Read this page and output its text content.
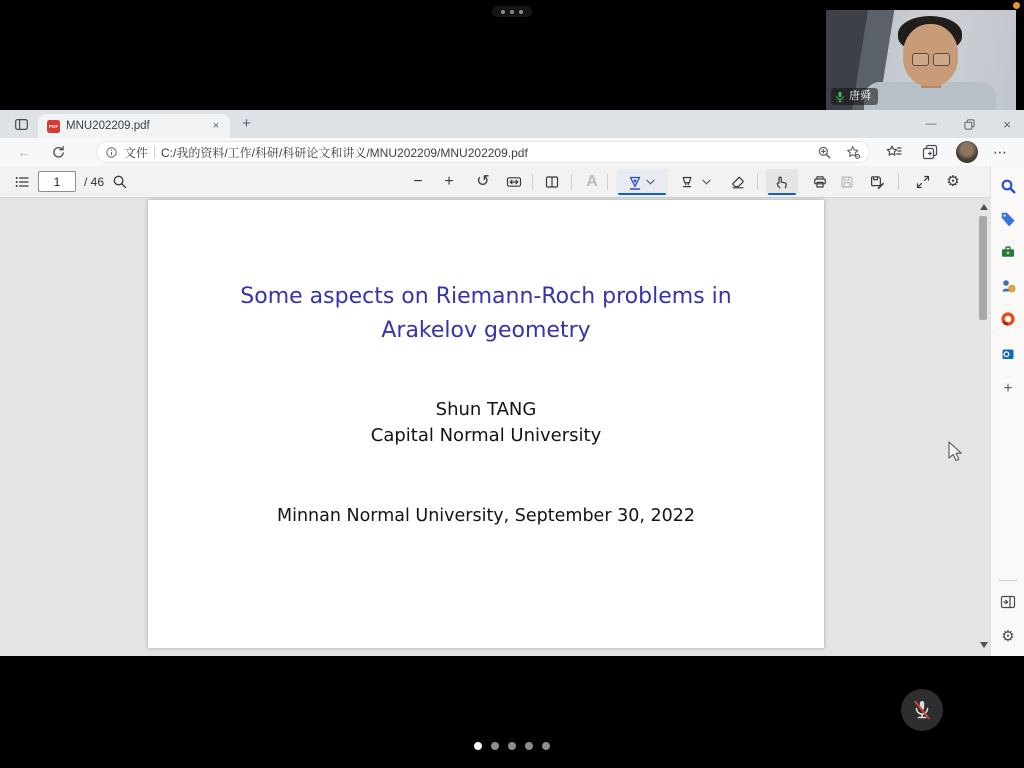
PDF MNU202209.pdf	×	+	—	×
←	文件 C:/我的资料/工作/科研/科研论文和讲义/MNU202209/MNU202209.pdf	⋯
1
/ 46	−	+	↺	A	⚙
Some aspects on Riemann-Roch problems in
Arakelov geometry
Shun TANG
Capital Normal University
Minnan Normal University, September 30, 2022
+
⚙
唐舜
